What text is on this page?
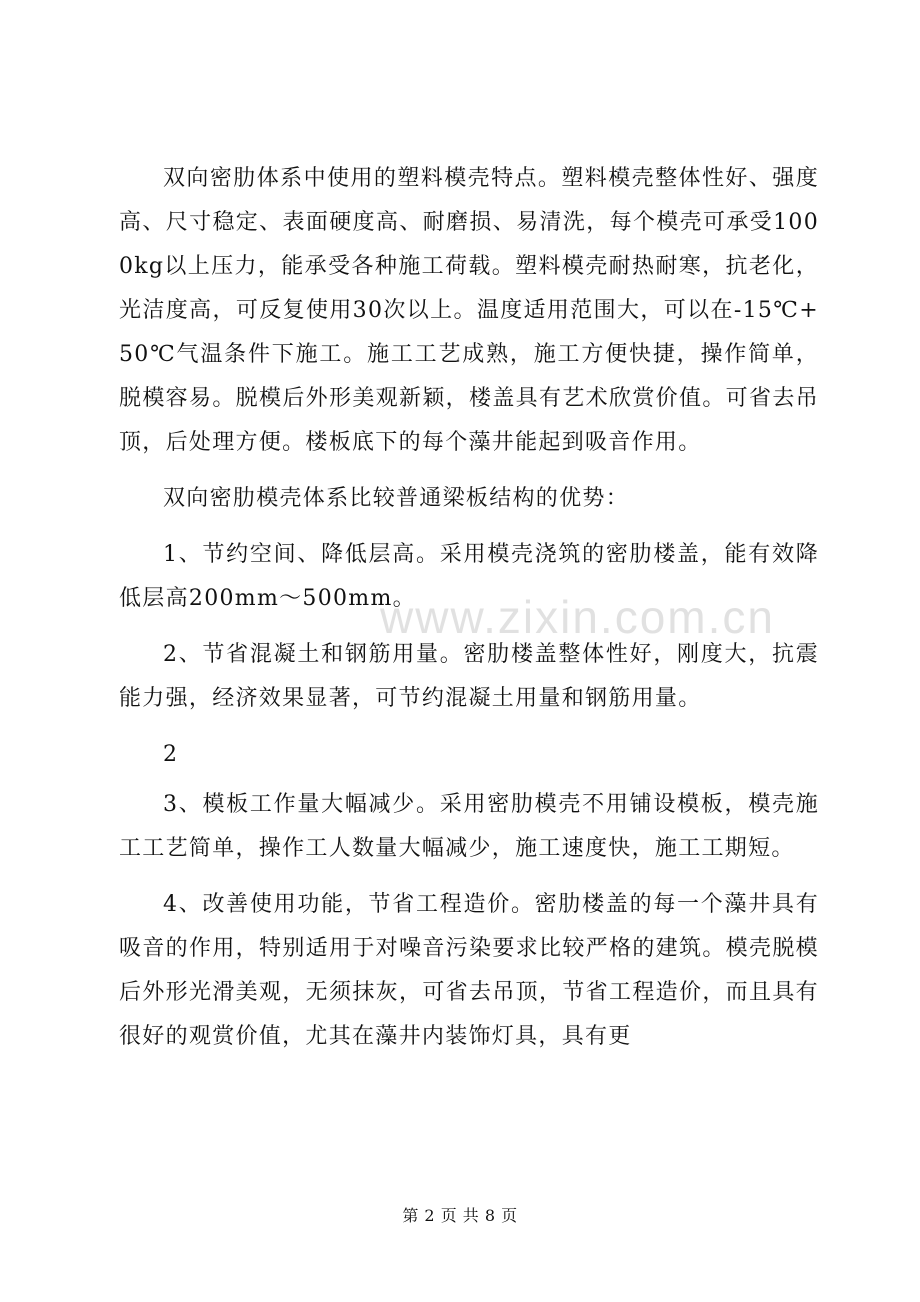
双向密肋体系中使用的塑料模壳特点。塑料模壳整体性好、强度高、尺寸稳定、表面硬度高、耐磨损、易清洗，每个模壳可承受1000kg以上压力，能承受各种施工荷载。塑料模壳耐热耐寒，抗老化，光洁度高，可反复使用30次以上。温度适用范围大，可以在-15℃+50℃气温条件下施工。施工工艺成熟，施工方便快捷，操作简单，脱模容易。脱模后外形美观新颖，楼盖具有艺术欣赏价值。可省去吊顶，后处理方便。楼板底下的每个藻井能起到吸音作用。

双向密肋模壳体系比较普通梁板结构的优势：

1、节约空间、降低层高。采用模壳浇筑的密肋楼盖，能有效降低层高200mm～500mm。

2、节省混凝土和钢筋用量。密肋楼盖整体性好，刚度大，抗震能力强，经济效果显著，可节约混凝土用量和钢筋用量。

2

3、模板工作量大幅减少。采用密肋模壳不用铺设模板，模壳施工工艺简单，操作工人数量大幅减少，施工速度快，施工工期短。

4、改善使用功能，节省工程造价。密肋楼盖的每一个藻井具有吸音的作用，特别适用于对噪音污染要求比较严格的建筑。模壳脱模后外形光滑美观，无须抹灰，可省去吊顶，节省工程造价，而且具有很好的观赏价值，尤其在藻井内装饰灯具，具有更

www.zixin.com.cn
第 2 页 共 8 页
